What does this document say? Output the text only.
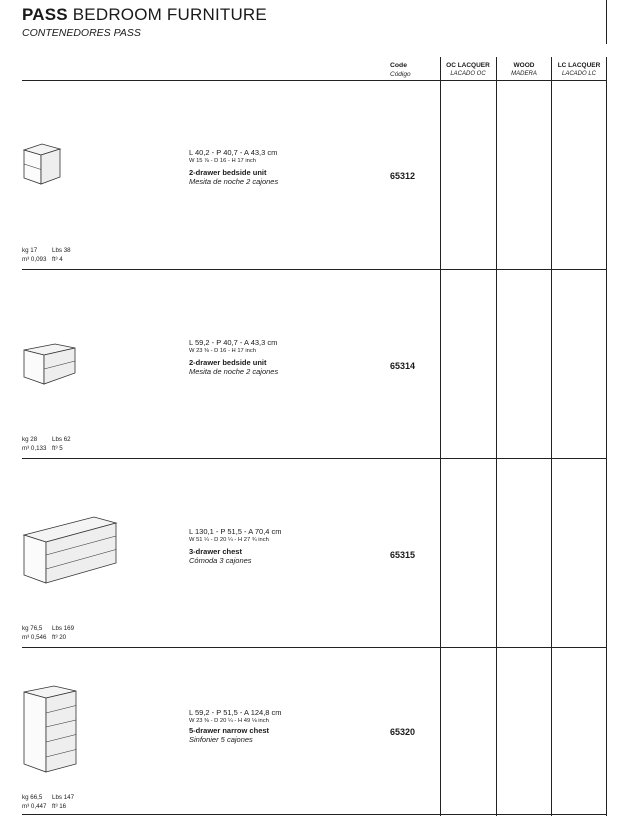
PASS BEDROOM FURNITURE
CONTENEDORES PASS
Code
Código
OC LACQUER
LACADO OC
WOOD
MADERA
LC LACQUER
LACADO LC
L 40,2 - P 40,7 - A 43,3 cm
W 15 ⅞ - D 16 - H 17 inch
2-drawer bedside unit
Mesita de noche 2 cajones
65312
kg 17 Lbs 38
m³ 0,093 ft³ 4
L 59,2 - P 40,7 - A 43,3 cm
W 23 ⅜ - D 16 - H 17 inch
2-drawer bedside unit
Mesita de noche 2 cajones
65314
kg 28 Lbs 62
m³ 0,133 ft³ 5
L 130,1 - P 51,5 - A 70,4 cm
W 51 ¼ - D 20 ¼ - H 27 ¾ inch
3-drawer chest
Cómoda 3 cajones
65315
kg 76,5 Lbs 169
m³ 0,546 ft³ 20
L 59,2 - P 51,5 - A 124,8 cm
W 23 ⅜ - D 20 ¼ - H 49 ⅛ inch
5-drawer narrow chest
Sinfonier 5 cajones
65320
kg 66,5 Lbs 147
m³ 0,447 ft³ 16
